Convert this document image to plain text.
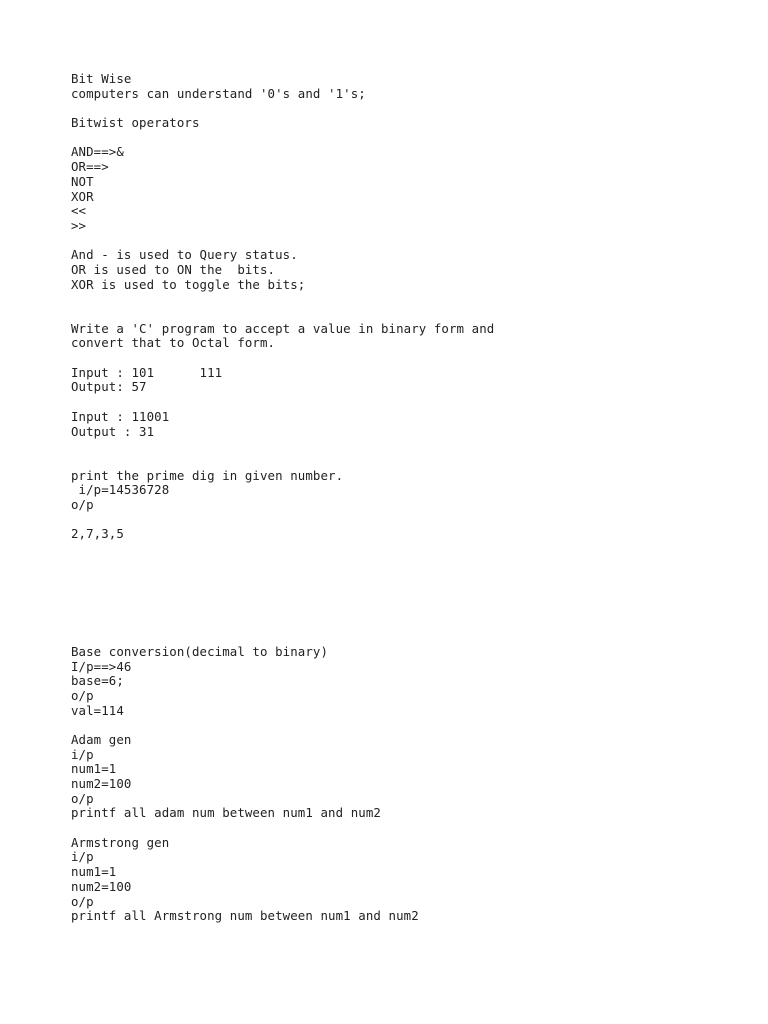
Bit Wise
computers can understand '0's and '1's;
Bitwist operators
AND==>&
OR==>
NOT
XOR
<<
>>
And - is used to Query status.
OR is used to ON the  bits.
XOR is used to toggle the bits;
Write a 'C' program to accept a value in binary form and
convert that to Octal form.
Input : 101      111
Output: 57
Input : 11001
Output : 31
print the prime dig in given number.
i/p=14536728
o/p
2,7,3,5
Base conversion(decimal to binary)
I/p==>46
base=6;
o/p
val=114
Adam gen
i/p
num1=1
num2=100
o/p
printf all adam num between num1 and num2
Armstrong gen
i/p
num1=1
num2=100
o/p
printf all Armstrong num between num1 and num2
